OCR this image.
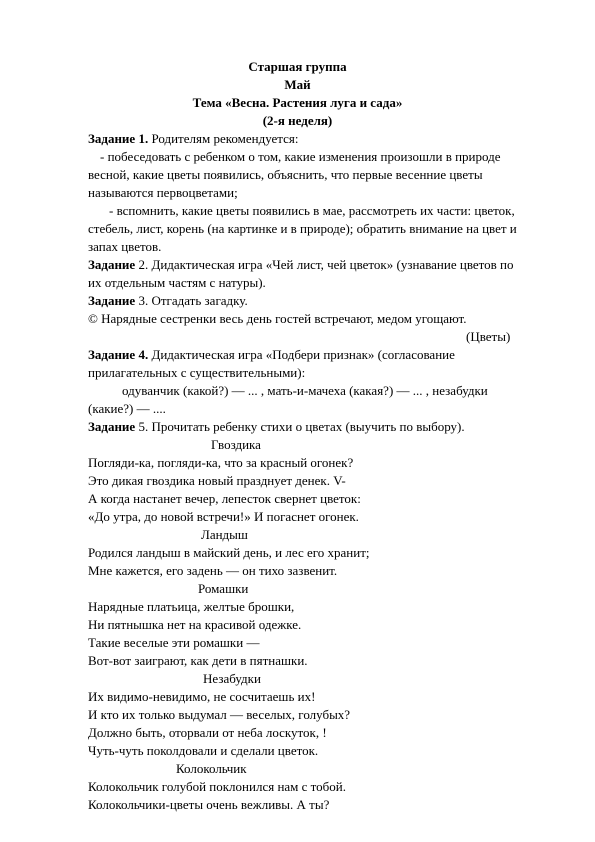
Старшая группа
Май
Тема «Весна. Растения луга и сада»
(2-я неделя)
Задание 1. Родителям рекомендуется:
- побеседовать с ребенком о том, какие изменения произошли в природе
весной, какие цветы появились, объяснить, что первые весенние цветы
называются первоцветами;
- вспомнить, какие цветы появились в мае, рассмотреть их части: цветок,
стебель, лист, корень (на картинке и в природе); обратить внимание на цвет и
запах цветов.
Задание 2. Дидактическая игра «Чей лист, чей цветок» (узнавание цветов по
их отдельным частям с натуры).
Задание 3. Отгадать загадку.
© Нарядные сестренки весь день гостей встречают, медом угощают.
(Цветы)
Задание 4. Дидактическая игра «Подбери признак» (согласование
прилагательных с существительными):
одуванчик (какой?) — ... , мать-и-мачеха (какая?) — ... , незабудки
(какие?) — ....
Задание 5. Прочитать ребенку стихи о цветах (выучить по выбору).
Гвоздика
Погляди-ка, погляди-ка, что за красный огонек?
Это дикая гвоздика новый празднует денек. V-
А когда настанет вечер, лепесток свернет цветок:
«До утра, до новой встречи!» И погаснет огонек.
Ландыш
Родился ландыш в майский день, и лес его хранит;
Мне кажется, его задень — он тихо зазвенит.
Ромашки
Нарядные платьица, желтые брошки,
Ни пятнышка нет на красивой одежке.
Такие веселые эти ромашки —
Вот-вот заиграют, как дети в пятнашки.
Незабудки
Их видимо-невидимо, не сосчитаешь их!
И кто их только выдумал — веселых, голубых?
Должно быть, оторвали от неба лоскуток, !
Чуть-чуть поколдовали и сделали цветок.
Колокольчик
Колокольчик голубой поклонился нам с тобой.
Колокольчики-цветы очень вежливы. А ты?
